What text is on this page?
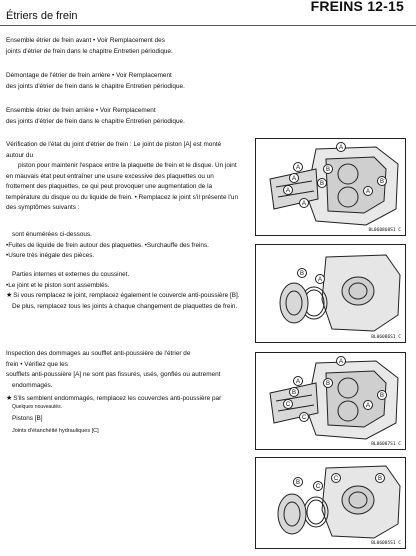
Étriers de frein
FREINS 12-15
Ensemble étrier de frein avant • Voir Remplacement des
joints d'étrier de frein dans le chapitre Entretien périodique.
Démontage de l'étrier de frein arrière • Voir Remplacement
des joints d'étrier de frein dans le chapitre Entretien périodique.
Ensemble étrier de frein arrière • Voir Remplacement
des joints d'étrier de frein dans le chapitre Entretien périodique.
Vérification de l'état du joint d'étrier de frein : Le joint de piston [A] est monté
autour du
piston pour maintenir l'espace entre la plaquette de frein et le disque. Un joint
en mauvais état peut entraîner une usure excessive des plaquettes ou un
frottement des plaquettes, ce qui peut provoquer une augmentation de la
température du disque ou du liquide de frein. • Remplacez le joint s'il présente l'un
des symptômes suivants :
sont énumérées ci-dessous.
•Fuites de liquide de frein autour des plaquettes. •Surchauffe des freins.
•Usure très inégale des pièces.
Parties internes et externes du coussinet.
•Le joint et le piston sont assemblés.
★Si vous remplacez le joint, remplacez également le couvercle anti-poussière [B].
De plus, remplacez tous les joints à chaque changement de plaquettes de frein.
Inspection des dommages au soufflet anti-poussière de l'étrier de
frein • Vérifiez que les
soufflets anti-poussière [A] ne sont pas fissurés, usés, gonflés ou autrement
endommagés.
★S'ils semblent endommagés, remplacez les couvercles anti-poussière par
Quelques nouveautés.
Pistons [B]
Joints d'étanchéité hydrauliques [C]
A
A
A
A
A
A
B
B	B
BL060868S1 C
B
A
BL06086S1 C
A
A
A
B
B
B
C
C
BL06087S1 C
B
C
C	B
BL06085S1 C
